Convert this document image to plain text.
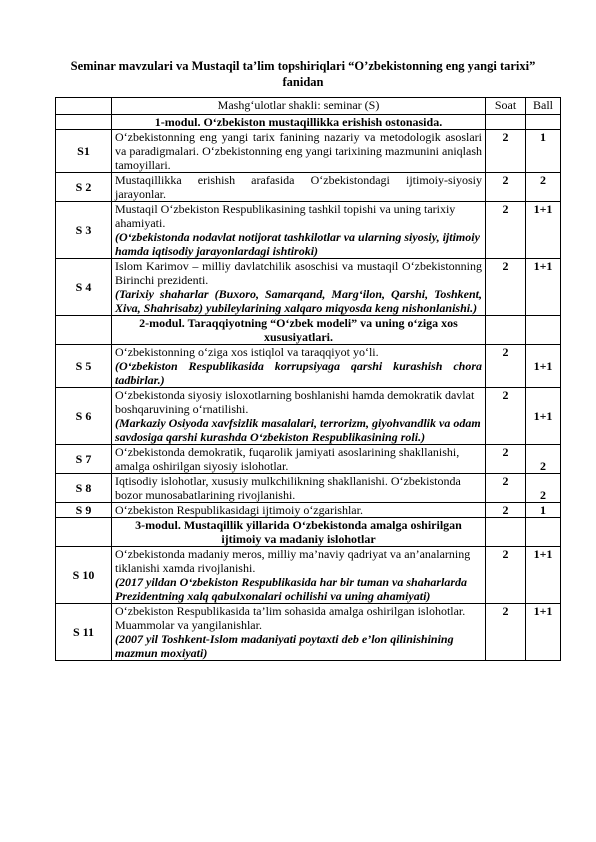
Seminar mavzulari va Mustaqil ta’lim topshiriqlari “O’zbekistonning eng yangi tarixi” fanidan
	Mashg‘ulotlar shakli: seminar (S)	Soat	Ball
	1-modul. O‘zbekiston mustaqillikka erishish ostonasida.		
S1	O‘zbekistonning eng yangi tarix fanining nazariy va metodologik asoslari va paradigmalari. O‘zbekistonning eng yangi tarixining mazmunini aniqlash tamoyillari.	2	1
S 2	Mustaqillikka erishish arafasida O‘zbekistondagi ijtimoiy-siyosiy jarayonlar.	2	2
S 3	Mustaqil O‘zbekiston Respublikasining tashkil topishi va uning tarixiy ahamiyati.
(O‘zbekistonda nodavlat notijorat tashkilotlar va ularning siyosiy, ijtimoiy hamda iqtisodiy jarayonlardagi ishtiroki)	2	1+1
S 4	Islom Karimov – milliy davlatchilik asoschisi va mustaqil O‘zbekistonning Birinchi prezidenti.
(Tarixiy shaharlar (Buxoro, Samarqand, Marg‘ilon, Qarshi, Toshkent, Xiva, Shahrisabz) yubileylarining xalqaro miqyosda keng nishonlanishi.)	2	1+1
	2-modul. Taraqqiyotning “O‘zbek modeli” va uning o‘ziga xos xususiyatlari.		
S 5	O‘zbekistonning o‘ziga xos istiqlol va taraqqiyot yo‘li.
(O‘zbekiston Respublikasida korrupsiyaga qarshi kurashish chora tadbirlar.)	2	1+1
S 6	O‘zbekistonda siyosiy isloxotlarning boshlanishi hamda demokratik davlat boshqaruvining o‘rnatilishi.
(Markaziy Osiyoda xavfsizlik masalalari, terrorizm, giyohvandlik va odam savdosiga qarshi kurashda O‘zbekiston Respublikasining roli.)	2	1+1
S 7	O‘zbekistonda demokratik, fuqarolik jamiyati asoslarining shakllanishi, amalga oshirilgan siyosiy islohotlar.	2	2
S 8	Iqtisodiy islohotlar, xususiy mulkchilikning shakllanishi. O‘zbekistonda bozor munosabatlarining rivojlanishi.	2	2
S 9	O‘zbekiston Respublikasidagi ijtimoiy o‘zgarishlar.	2	1
	3-modul. Mustaqillik yillarida O‘zbekistonda amalga oshirilgan ijtimoiy va madaniy islohotlar		
S 10	O‘zbekistonda madaniy meros, milliy ma’naviy qadriyat va an’analarning tiklanishi xamda rivojlanishi.
(2017 yildan O‘zbekiston Respublikasida har bir tuman va shaharlarda Prezidentning xalq qabulxonalari ochilishi va uning ahamiyati)	2	1+1
S 11	O‘zbekiston Respublikasida ta’lim sohasida amalga oshirilgan islohotlar. Muammolar va yangilanishlar.
(2007 yil Toshkent-Islom madaniyati poytaxti deb e’lon qilinishining mazmun moxiyati)	2	1+1
